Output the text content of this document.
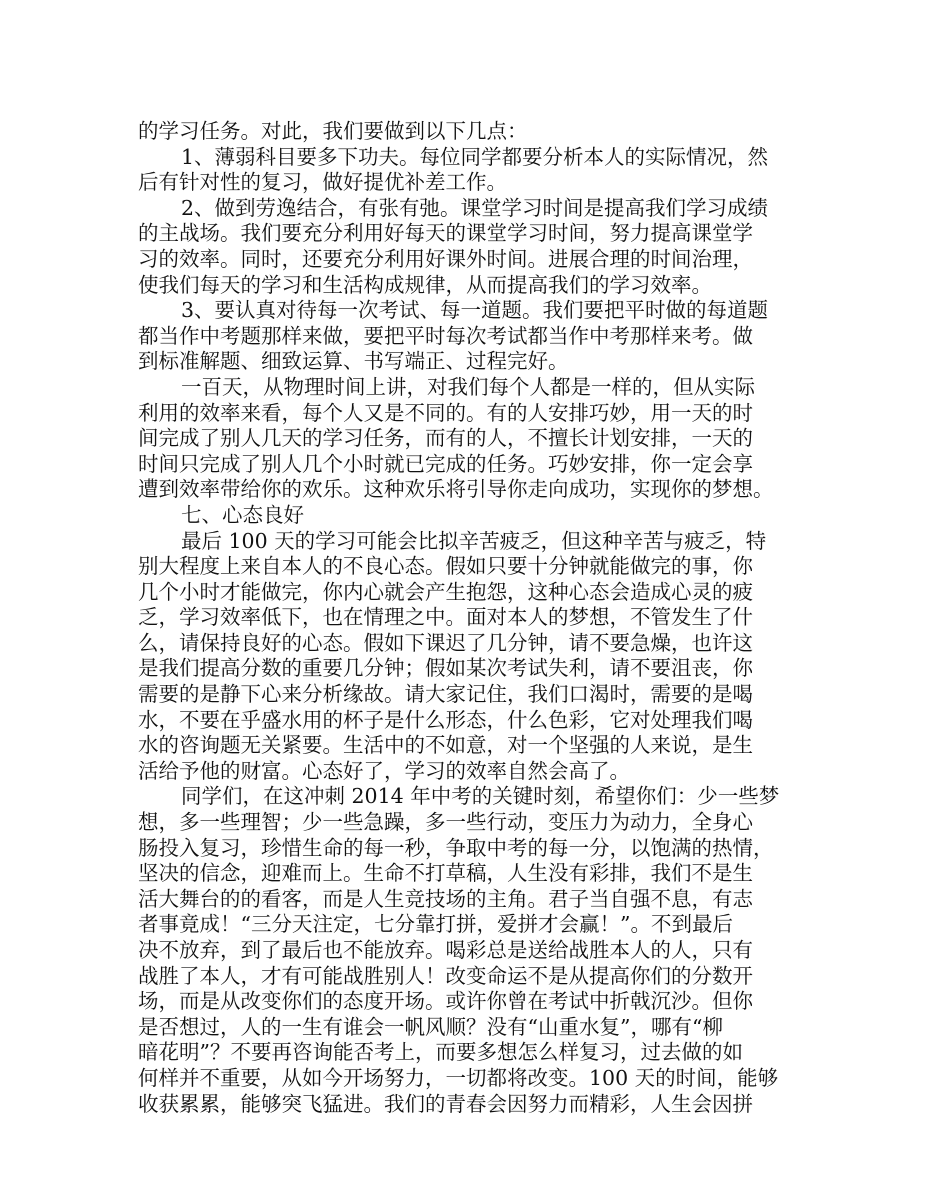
的学习任务。对此，我们要做到以下几点：
1、薄弱科目要多下功夫。每位同学都要分析本人的实际情况，然
后有针对性的复习，做好提优补差工作。
2、做到劳逸结合，有张有弛。课堂学习时间是提高我们学习成绩
的主战场。我们要充分利用好每天的课堂学习时间，努力提高课堂学
习的效率。同时，还要充分利用好课外时间。进展合理的时间治理，
使我们每天的学习和生活构成规律，从而提高我们的学习效率。
3、要认真对待每一次考试、每一道题。我们要把平时做的每道题
都当作中考题那样来做，要把平时每次考试都当作中考那样来考。做
到标准解题、细致运算、书写端正、过程完好。
一百天，从物理时间上讲，对我们每个人都是一样的，但从实际
利用的效率来看，每个人又是不同的。有的人安排巧妙，用一天的时
间完成了别人几天的学习任务，而有的人，不擅长计划安排，一天的
时间只完成了别人几个小时就已完成的任务。巧妙安排，你一定会享
遭到效率带给你的欢乐。这种欢乐将引导你走向成功，实现你的梦想。
七、心态良好
最后 100 天的学习可能会比拟辛苦疲乏，但这种辛苦与疲乏，特
别大程度上来自本人的不良心态。假如只要十分钟就能做完的事，你
几个小时才能做完，你内心就会产生抱怨，这种心态会造成心灵的疲
乏，学习效率低下，也在情理之中。面对本人的梦想，不管发生了什
么，请保持良好的心态。假如下课迟了几分钟，请不要急燥，也许这
是我们提高分数的重要几分钟；假如某次考试失利，请不要沮丧，你
需要的是静下心来分析缘故。请大家记住，我们口渴时，需要的是喝
水，不要在乎盛水用的杯子是什么形态，什么色彩，它对处理我们喝
水的咨询题无关紧要。生活中的不如意，对一个坚强的人来说，是生
活给予他的财富。心态好了，学习的效率自然会高了。
同学们，在这冲刺 2014 年中考的关键时刻，希望你们：少一些梦
想，多一些理智；少一些急躁，多一些行动，变压力为动力，全身心
肠投入复习，珍惜生命的每一秒，争取中考的每一分，以饱满的热情，
坚决的信念，迎难而上。生命不打草稿，人生没有彩排，我们不是生
活大舞台的的看客，而是人生竞技场的主角。君子当自强不息，有志
者事竟成！“三分天注定，七分靠打拼，爱拼才会赢！”。不到最后
决不放弃，到了最后也不能放弃。喝彩总是送给战胜本人的人，只有
战胜了本人，才有可能战胜别人！改变命运不是从提高你们的分数开
场，而是从改变你们的态度开场。或许你曾在考试中折戟沉沙。但你
是否想过，人的一生有谁会一帆风顺？没有“山重水复”，哪有“柳
暗花明”？不要再咨询能否考上，而要多想怎么样复习，过去做的如
何样并不重要，从如今开场努力，一切都将改变。100 天的时间，能够
收获累累，能够突飞猛进。我们的青春会因努力而精彩，人生会因拼
